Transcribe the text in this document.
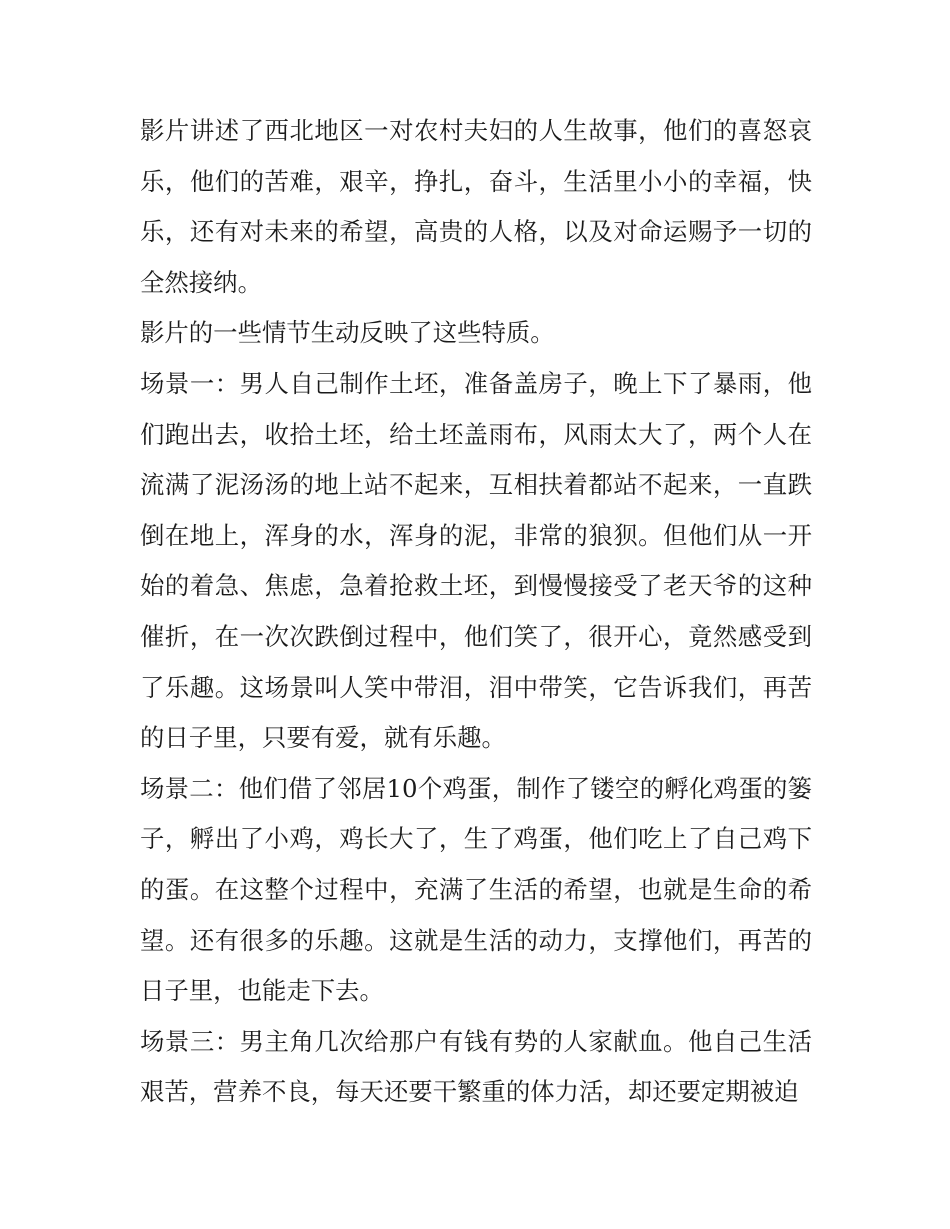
影片讲述了西北地区一对农村夫妇的人生故事，他们的喜怒哀乐，他们的苦难，艰辛，挣扎，奋斗，生活里小小的幸福，快乐，还有对未来的希望，高贵的人格，以及对命运赐予一切的全然接纳。

影片的一些情节生动反映了这些特质。

场景一：男人自己制作土坯，准备盖房子，晚上下了暴雨，他们跑出去，收拾土坯，给土坯盖雨布，风雨太大了，两个人在流满了泥汤汤的地上站不起来，互相扶着都站不起来，一直跌倒在地上，浑身的水，浑身的泥，非常的狼狈。但他们从一开始的着急、焦虑，急着抢救土坯，到慢慢接受了老天爷的这种催折，在一次次跌倒过程中，他们笑了，很开心，竟然感受到了乐趣。这场景叫人笑中带泪，泪中带笑，它告诉我们，再苦的日子里，只要有爱，就有乐趣。

场景二：他们借了邻居10个鸡蛋，制作了镂空的孵化鸡蛋的篓子，孵出了小鸡，鸡长大了，生了鸡蛋，他们吃上了自己鸡下的蛋。在这整个过程中，充满了生活的希望，也就是生命的希望。还有很多的乐趣。这就是生活的动力，支撑他们，再苦的日子里，也能走下去。

场景三：男主角几次给那户有钱有势的人家献血。他自己生活艰苦，营养不良，每天还要干繁重的体力活，却还要定期被迫
